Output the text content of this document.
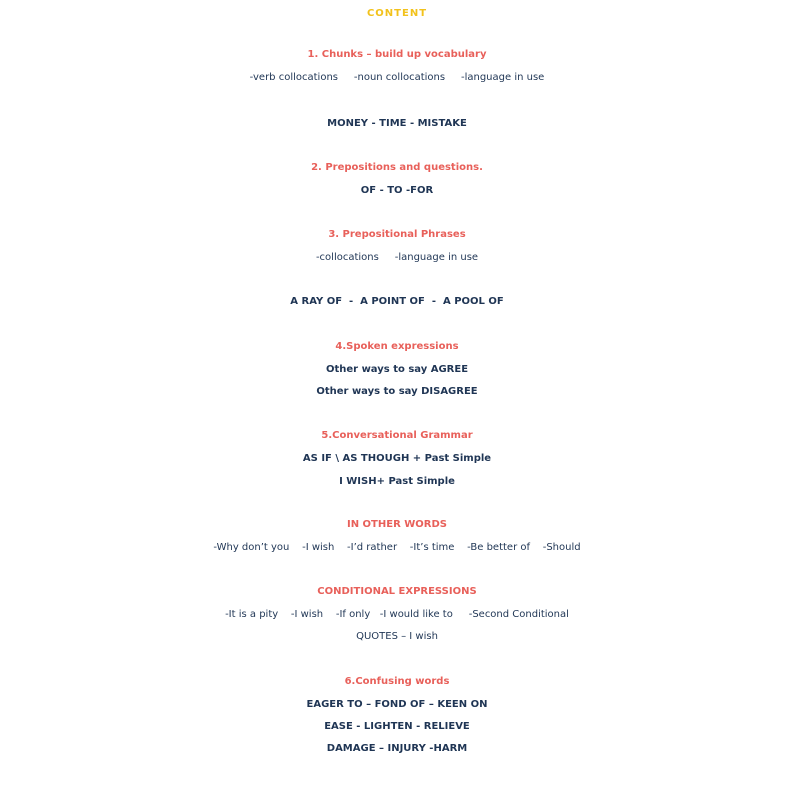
CONTENT
1. Chunks – build up vocabulary
-verb collocations     -noun collocations     -language in use
MONEY - TIME - MISTAKE
2. Prepositions and questions.
OF - TO -FOR
3. Prepositional Phrases
-collocations     -language in use
A RAY OF  -  A POINT OF  -  A POOL OF
4.Spoken expressions
Other ways to say AGREE
Other ways to say DISAGREE
5.Conversational Grammar
AS IF \ AS THOUGH + Past Simple
I WISH+ Past Simple
IN OTHER WORDS
-Why don’t you    -I wish    -I’d rather    -It’s time    -Be better of    -Should
CONDITIONAL EXPRESSIONS
-It is a pity    -I wish    -If only   -I would like to     -Second Conditional
QUOTES – I wish
6.Confusing words
EAGER TO – FOND OF – KEEN ON
EASE - LIGHTEN - RELIEVE
DAMAGE – INJURY -HARM
